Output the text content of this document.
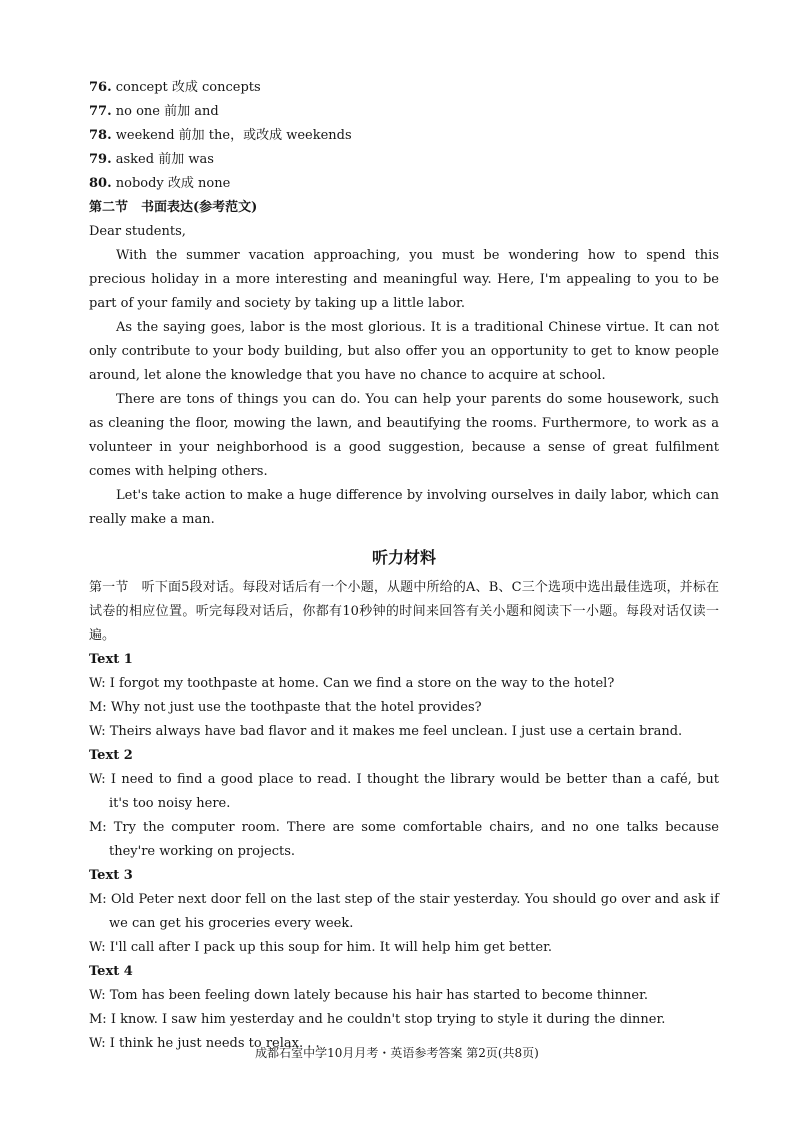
76. concept 改成 concepts
77. no one 前加 and
78. weekend 前加 the，或改成 weekends
79. asked 前加 was
80. nobody 改成 none
第二节　书面表达(参考范文)
Dear students,
With the summer vacation approaching, you must be wondering how to spend this precious holiday in a more interesting and meaningful way. Here, I'm appealing to you to be part of your family and society by taking up a little labor.
As the saying goes, labor is the most glorious. It is a traditional Chinese virtue. It can not only contribute to your body building, but also offer you an opportunity to get to know people around, let alone the knowledge that you have no chance to acquire at school.
There are tons of things you can do. You can help your parents do some housework, such as cleaning the floor, mowing the lawn, and beautifying the rooms. Furthermore, to work as a volunteer in your neighborhood is a good suggestion, because a sense of great fulfilment comes with helping others.
Let's take action to make a huge difference by involving ourselves in daily labor, which can really make a man.
听力材料
第一节　听下面5段对话。每段对话后有一个小题，从题中所给的A、B、C三个选项中选出最佳选项，并标在试卷的相应位置。听完每段对话后，你都有10秒钟的时间来回答有关小题和阅读下一小题。每段对话仅读一遍。
Text 1
W: I forgot my toothpaste at home. Can we find a store on the way to the hotel?
M: Why not just use the toothpaste that the hotel provides?
W: Theirs always have bad flavor and it makes me feel unclean. I just use a certain brand.
Text 2
W: I need to find a good place to read. I thought the library would be better than a café, but it's too noisy here.
M: Try the computer room. There are some comfortable chairs, and no one talks because they're working on projects.
Text 3
M: Old Peter next door fell on the last step of the stair yesterday. You should go over and ask if we can get his groceries every week.
W: I'll call after I pack up this soup for him. It will help him get better.
Text 4
W: Tom has been feeling down lately because his hair has started to become thinner.
M: I know. I saw him yesterday and he couldn't stop trying to style it during the dinner.
W: I think he just needs to relax. . .
成都石室中学10月月考・英语参考答案 第2页(共8页)
